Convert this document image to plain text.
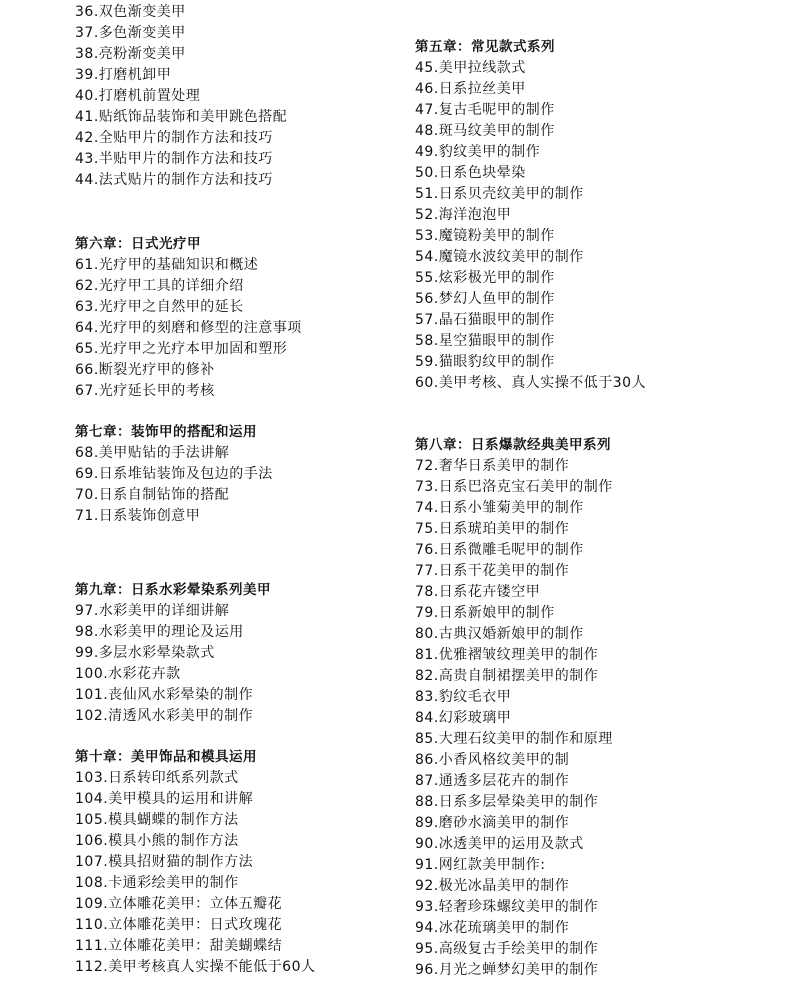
36.双色渐变美甲
37.多色渐变美甲
38.亮粉渐变美甲
39.打磨机卸甲
40.打磨机前置处理
41.贴纸饰品装饰和美甲跳色搭配
42.全贴甲片的制作方法和技巧
43.半贴甲片的制作方法和技巧
44.法式贴片的制作方法和技巧
第六章：日式光疗甲
61.光疗甲的基础知识和概述
62.光疗甲工具的详细介绍
63.光疗甲之自然甲的延长
64.光疗甲的刻磨和修型的注意事项
65.光疗甲之光疗本甲加固和塑形
66.断裂光疗甲的修补
67.光疗延长甲的考核
第七章：装饰甲的搭配和运用
68.美甲贴钻的手法讲解
69.日系堆钻装饰及包边的手法
70.日系自制钻饰的搭配
71.日系装饰创意甲
第九章：日系水彩晕染系列美甲
97.水彩美甲的详细讲解
98.水彩美甲的理论及运用
99.多层水彩晕染款式
100.水彩花卉款
101.丧仙风水彩晕染的制作
102.清透风水彩美甲的制作
第十章：美甲饰品和模具运用
103.日系转印纸系列款式
104.美甲模具的运用和讲解
105.模具蝴蝶的制作方法
106.模具小熊的制作方法
107.模具招财猫的制作方法
108.卡通彩绘美甲的制作
109.立体雕花美甲：立体五瓣花
110.立体雕花美甲：日式玫瑰花
111.立体雕花美甲：甜美蝴蝶结
112.美甲考核真人实操不能低于60人
第五章：常见款式系列
45.美甲拉线款式
46.日系拉丝美甲
47.复古毛呢甲的制作
48.斑马纹美甲的制作
49.豹纹美甲的制作
50.日系色块晕染
51.日系贝壳纹美甲的制作
52.海洋泡泡甲
53.魔镜粉美甲的制作
54.魔镜水波纹美甲的制作
55.炫彩极光甲的制作
56.梦幻人鱼甲的制作
57.晶石猫眼甲的制作
58.星空猫眼甲的制作
59.猫眼豹纹甲的制作
60.美甲考核、真人实操不低于30人
第八章：日系爆款经典美甲系列
72.奢华日系美甲的制作
73.日系巴洛克宝石美甲的制作
74.日系小雏菊美甲的制作
75.日系琥珀美甲的制作
76.日系微雕毛呢甲的制作
77.日系干花美甲的制作
78.日系花卉镂空甲
79.日系新娘甲的制作
80.古典汉婚新娘甲的制作
81.优雅褶皱纹理美甲的制作
82.高贵自制裙摆美甲的制作
83.豹纹毛衣甲
84.幻彩玻璃甲
85.大理石纹美甲的制作和原理
86.小香风格纹美甲的制
87.通透多层花卉的制作
88.日系多层晕染美甲的制作
89.磨砂水滴美甲的制作
90.冰透美甲的运用及款式
91.网红款美甲制作:
92.极光冰晶美甲的制作
93.轻奢珍珠螺纹美甲的制作
94.冰花琉璃美甲的制作
95.高级复古手绘美甲的制作
96.月光之蝉梦幻美甲的制作
